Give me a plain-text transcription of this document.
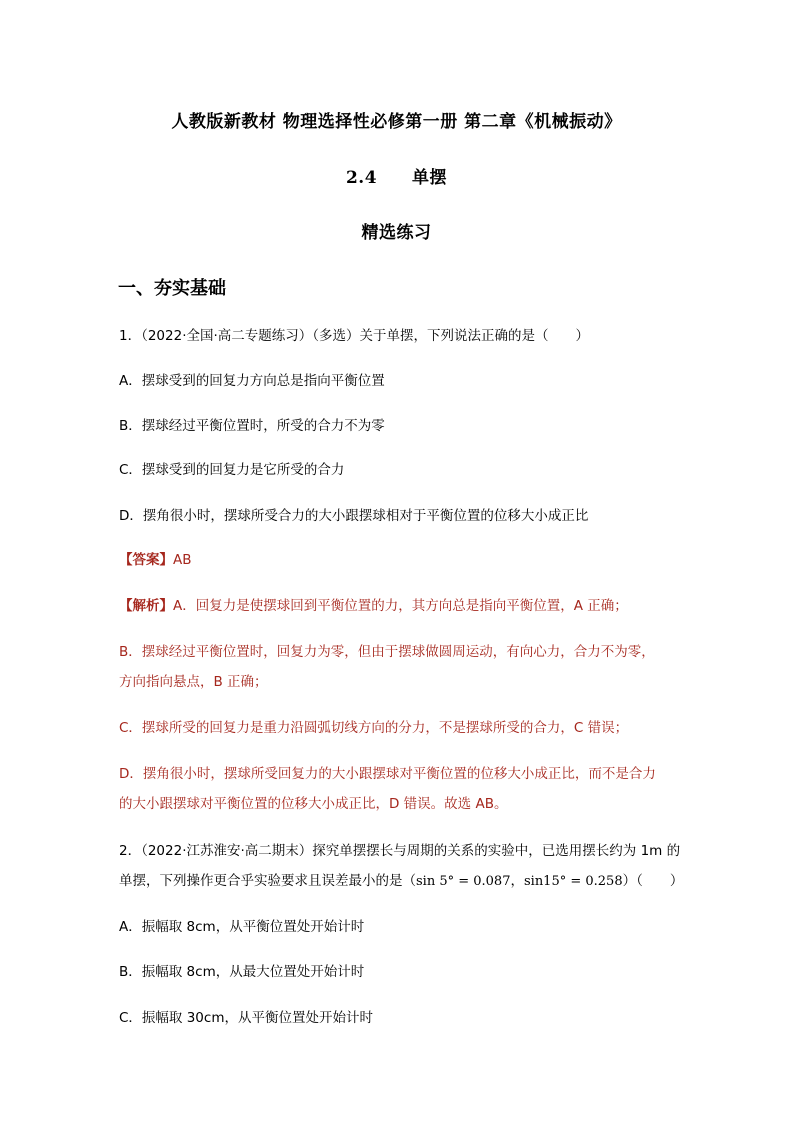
人教版新教材 物理选择性必修第一册 第二章《机械振动》
2.4　　单摆
精选练习
一、夯实基础
1．（2022·全国·高二专题练习）（多选）关于单摆，下列说法正确的是（　　）
A．摆球受到的回复力方向总是指向平衡位置
B．摆球经过平衡位置时，所受的合力不为零
C．摆球受到的回复力是它所受的合力
D．摆角很小时，摆球所受合力的大小跟摆球相对于平衡位置的位移大小成正比
【答案】AB
【解析】A．回复力是使摆球回到平衡位置的力，其方向总是指向平衡位置，A 正确；
B．摆球经过平衡位置时，回复力为零，但由于摆球做圆周运动，有向心力，合力不为零，
方向指向悬点，B 正确；
C．摆球所受的回复力是重力沿圆弧切线方向的分力，不是摆球所受的合力，C 错误；
D．摆角很小时，摆球所受回复力的大小跟摆球对平衡位置的位移大小成正比，而不是合力
的大小跟摆球对平衡位置的位移大小成正比，D 错误。故选 AB。
2．（2022·江苏淮安·高二期末）探究单摆摆长与周期的关系的实验中，已选用摆长约为 1m 的
单摆，下列操作更合乎实验要求且误差最小的是（sin 5° = 0.087，sin15° = 0.258）（　　）
A．振幅取 8cm，从平衡位置处开始计时
B．振幅取 8cm，从最大位置处开始计时
C．振幅取 30cm，从平衡位置处开始计时
